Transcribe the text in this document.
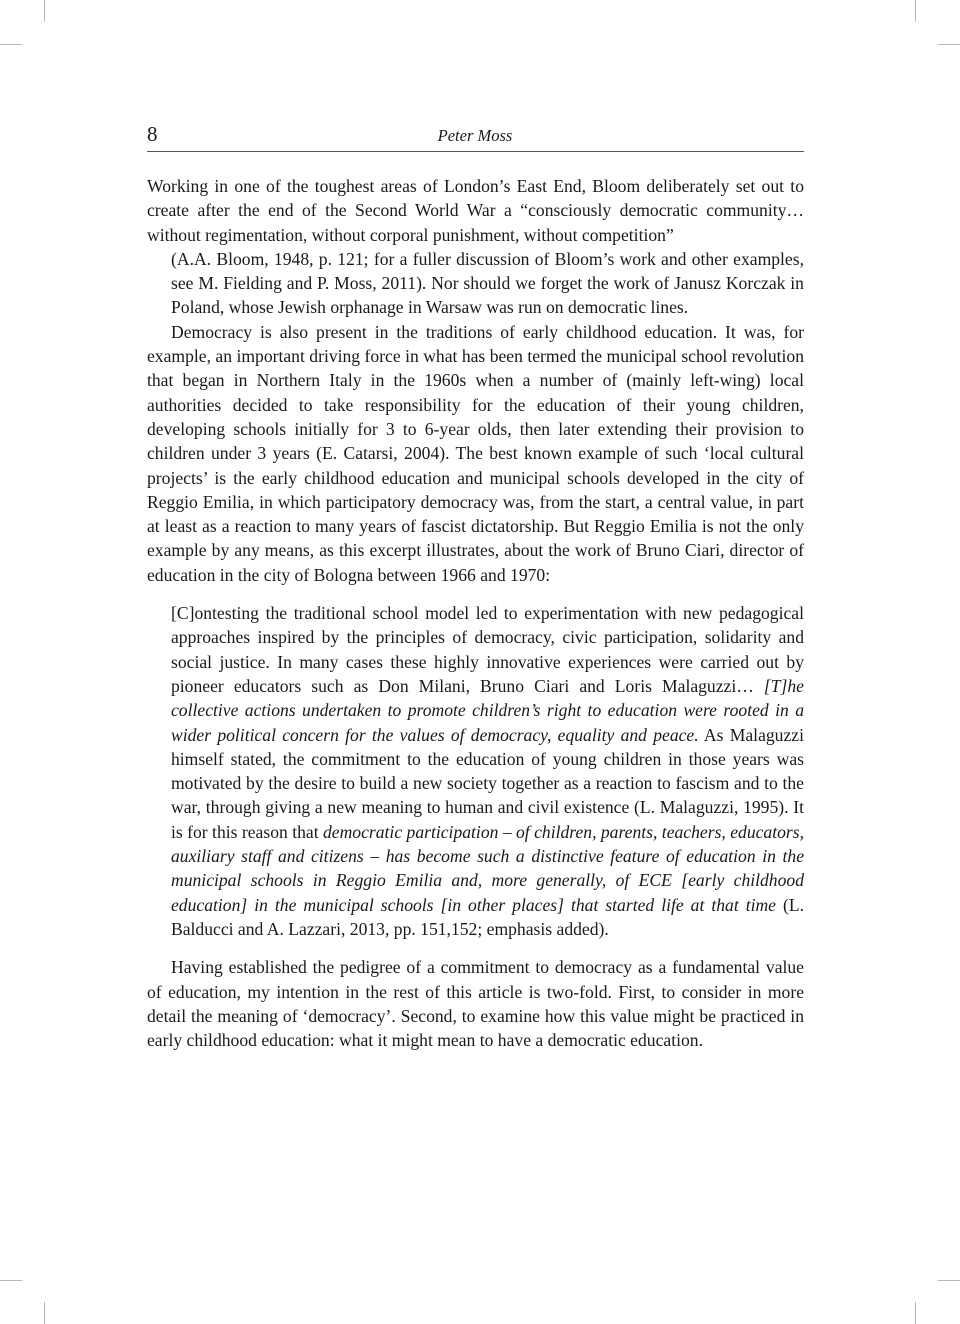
8	Peter Moss

Working in one of the toughest areas of London’s East End, Bloom deliberately set out to create after the end of the Second World War a “consciously democratic community… without regimentation, without corporal punishment, without competition”

(A.A. Bloom, 1948, p. 121; for a fuller discussion of Bloom’s work and other examples, see M. Fielding and P. Moss, 2011). Nor should we forget the work of Janusz Korczak in Poland, whose Jewish orphanage in Warsaw was run on democratic lines.

Democracy is also present in the traditions of early childhood education. It was, for example, an important driving force in what has been termed the municipal school revolution that began in Northern Italy in the 1960s when a number of (mainly left-wing) local authorities decided to take responsibility for the education of their young children, developing schools initially for 3 to 6-year olds, then later extending their provision to children under 3 years (E. Catarsi, 2004). The best known example of such ‘local cultural projects’ is the early childhood education and municipal schools developed in the city of Reggio Emilia, in which participatory democracy was, from the start, a central value, in part at least as a reaction to many years of fascist dictatorship. But Reggio Emilia is not the only example by any means, as this excerpt illustrates, about the work of Bruno Ciari, director of education in the city of Bologna between 1966 and 1970:

[C]ontesting the traditional school model led to experimentation with new pedagogical approaches inspired by the principles of democracy, civic participation, solidarity and social justice. In many cases these highly innovative experiences were carried out by pioneer educators such as Don Milani, Bruno Ciari and Loris Malaguzzi… [T]he collective actions undertaken to promote children’s right to education were rooted in a wider political concern for the values of democracy, equality and peace. As Malaguzzi himself stated, the commitment to the education of young children in those years was motivated by the desire to build a new society together as a reaction to fascism and to the war, through giving a new meaning to human and civil existence (L. Malaguzzi, 1995). It is for this reason that democratic participation – of children, parents, teachers, educators, auxiliary staff and citizens – has become such a distinctive feature of education in the municipal schools in Reggio Emilia and, more generally, of ECE [early childhood education] in the municipal schools [in other places] that started life at that time (L. Balducci and A. Lazzari, 2013, pp. 151,152; emphasis added).

Having established the pedigree of a commitment to democracy as a fundamental value of education, my intention in the rest of this article is two-fold. First, to consider in more detail the meaning of ‘democracy’. Second, to examine how this value might be practiced in early childhood education: what it might mean to have a democratic education.
